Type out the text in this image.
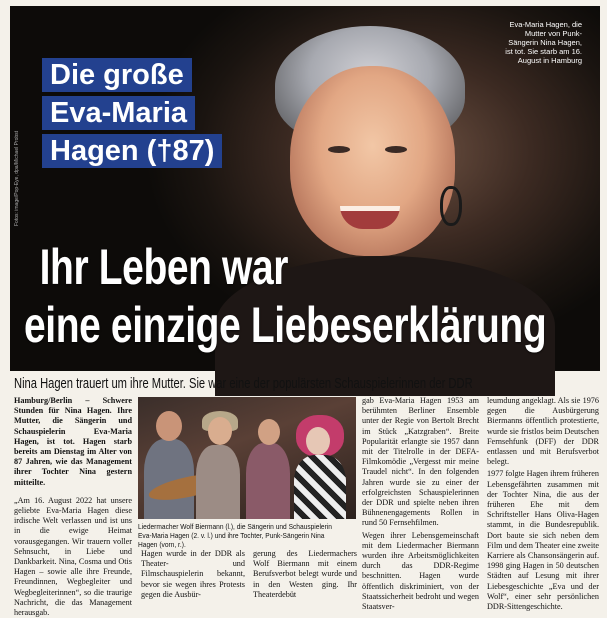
Die große
Eva-Maria
Hagen (†87)
Eva-Maria Hagen, die Mutter von Punk-Sängerin Nina Hagen, ist tot. Sie starb am 16. August in Hamburg
Fotos: image/Pop-Eye, dpa/Michael Probst
Ihr Leben war
eine einzige Liebeserklärung
Nina Hagen trauert um ihre Mutter. Sie war eine der populärsten Schauspielerinnen der DDR

Hamburg/Berlin – Schwere Stunden für Nina Hagen. Ihre Mutter, die Sängerin und Schauspielerin Eva-Maria Hagen, ist tot. Hagen starb bereits am Dienstag im Alter von 87 Jahren, wie das Management ihrer Tochter Nina gestern mitteilte.

„Am 16. August 2022 hat unsere geliebte Eva-Maria Hagen diese irdische Welt verlassen und ist uns in die ewige Heimat vorausgegangen. Wir trauern voller Sehnsucht, in Liebe und Dankbarkeit. Nina, Cosma und Otis Hagen – sowie alle ihre Freunde, Freundinnen, Wegbegleiter und Wegbegleiterinnen“, so die traurige Nachricht, die das Management herausgab.

Liedermacher Wolf Biermann (l.), die Sängerin und Schauspielerin Eva-Maria Hagen (2. v. l.) und ihre Tochter, Punk-Sängerin Nina Hagen (vorn, r.).

Hagen wurde in der DDR als Theater- und Filmschauspielerin bekannt, bevor sie wegen ihres Protests gegen die Ausbür-

gerung des Liedermachers Wolf Biermann mit einem Berufsverbot belegt wurde und in den Westen ging. Ihr Theaterdebüt

gab Eva-Maria Hagen 1953 am berühmten Berliner Ensemble unter der Regie von Bertolt Brecht im Stück „Katzgraben“. Breite Popularität erlangte sie 1957 dann mit der Titelrolle in der DEFA-Filmkomödie „Vergesst mir meine Traudel nicht“. In den folgenden Jahren wurde sie zu einer der erfolgreichsten Schauspielerinnen der DDR und spielte neben ihren Bühnenengagements Rollen in rund 50 Fernsehfilmen.

Wegen ihrer Lebensgemeinschaft mit dem Liedermacher Biermann wurden ihre Arbeitsmöglichkeiten durch das DDR-Regime beschnitten. Hagen wurde öffentlich diskriminiert, von der Staatssicherheit bedroht und wegen Staatsver-

leumdung angeklagt. Als sie 1976 gegen die Ausbürgerung Biermanns öffentlich protestierte, wurde sie fristlos beim Deutschen Fernsehfunk (DFF) der DDR entlassen und mit Berufsverbot belegt.

1977 folgte Hagen ihrem früheren Lebensgefährten zusammen mit der Tochter Nina, die aus der früheren Ehe mit dem Schriftsteller Hans Oliva-Hagen stammt, in die Bundesrepublik. Dort baute sie sich neben dem Film und dem Theater eine zweite Karriere als Chansonsängerin auf. 1998 ging Hagen in 50 deutschen Städten auf Lesung mit ihrer Liebesgeschichte „Eva und der Wolf“, einer sehr persönlichen DDR-Sittengeschichte.
